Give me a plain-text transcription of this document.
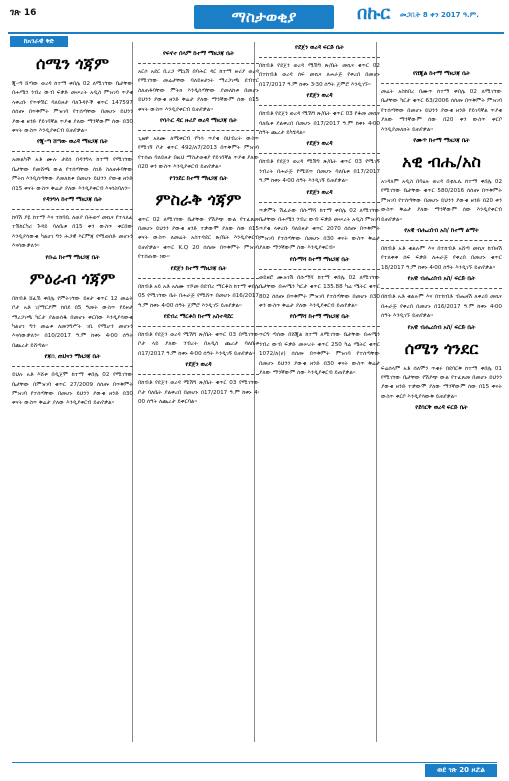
ገጽ 16	ማስታወቂያ	በኩር መጋቢት 8 ቀን 2017 ዓ.ም.
ከአገራዊ ቅድ
ሰሜን ጎጃም

ጂ-ጣ ሸጣው ወረዳ ከተማ ቀበሌ 02 ለሚገኘው ቤታቸው በሐሜን ንብረ ውብ ፍቃድ መሠረት አዲስ ምዝገባ ጥያቄ ላቀረቡ የጥዋሽር ባለይዞታ ባለጉዳዮች ቁጥር 147597 ሰሰጡ በጥቅምት ምዝገባ የተሰጣቸው በመሆኑ ይህንን ያውቁ ዘንድ የይገባኛል ጥያቄ ያለው ማንኛውም ሰው በ30 ቀናት ውስጥ እንዲያቀርብ ይጠየቃል።

የጂ-ጣ ሸጣው ወረዳ ማዘጋጃ ቤት

አመልካች አቶ ሙሉ ታደሰ በዳንግላ ከተማ የሚገኘው ቤታቸው የመሸጫ ውል የተሰጣቸው ሰነድ ስለጠፋባቸው ምትክ እንዲሰጣቸው ያመለከቱ በመሆኑ ይህንን ያውቁ ዘንድ በ15 ቀናት ውስጥ ቅሬታ ያለው እንዲያቀርብ እናሳስባለን።

የዳንግላ ከተማ ማዘጋጃ ቤት

ከባሽ ያዬ ከተማ እና ተከባቢ ለወያ በሕወሃ መኪና የተላለፈ ተሽከርካሪ ጉዳይ ባለቤቱ በ15 ቀን ውስጥ ቀርበው እንዲያሳውቁ ካልሆነ ግን ሕጋዊ እርምጃ የሚወሰድ መሆኑን እናሳውቃለን።

የቡሬ ከተማ ማዘጋጃ ቤት
ምዕራብ ጎጃም

በከብቶ ሸፈሽ ቀበሌ የምትገኘው ይዞታ ቁጥር 12 መሬት ቦታ አቶ ገ/ማርያም ከበደ በ5 ዓመት ውስጥ የይዞታ ማረጋገጫ ካርታ ያልወሰዱ በመሆኑ ቀርበው እንዲያሳውቁ ካልሆነ ግን መሬቱ ለመንግሥት ገቢ የሚሆን መሆኑን እናሳውቃለን። በ10/2017 ዓ.ም ከቀኑ 4፡00 ሰዓት በጨረታ ይሸጣል።

የጃቢ ጠህናን ማዘጋጃ ቤት

ይህሉ አቶ እሸቱ በዲጀሞ ከተማ ቀበሌ 02 የሚገኘው ቤታቸው በምዝገባ ቁጥር 27/2009 ሰሰጡ በጥቅምት ምዝገባ የተሰጣቸው በመሆኑ ይህንን ያውቁ ዘንድ በ30 ቀናት ውስጥ ቅሬታ ያለው እንዲያቀርብ ይጠየቃል።

የፍኖተ ሰላም ከተማ ማዘጋጃ ቤት

አርሶ አደር ቢረጋ ሚኒሽ በባሕር ዳር ከተማ ዙሪያ ወረዳ የሚገኘው መሬታቸው ባለይዞታነት ማረጋገጫ ደብተር ስለጠፋባቸው ምትክ እንዲሰጣቸው ያመለከቱ በመሆኑ ይህንን ያውቁ ዘንድ ቅሬታ ያለው ማንኛውም ሰው በ15 ቀናት ውስጥ እንዲያቀርብ ይጠየቃል።

የባሕር ዳር ዙሪያ ወረዳ ማዘጋጃ ቤት

ጊዜዋ አለሙ ለሚቀርብ የካሳ ጥያቄ በህብረት ውስጥ የሚገኝ ቦታ ቁጥር 492/ለ7/2013 በጥቅምት ምዝገባ የተሰጠ ባለይዞታ በዚህ ማስታወቂያ የይገባኛል ጥያቄ ያለው በ20 ቀን ውስጥ እንዲያቀርብ ይጠየቃል።

የጎንደር ከተማ ማዘጋጃ ቤት
ምስራቅ ጎጃም

ቁጥር 02 ለሚገኘው ቤታቸው የሽያጭ ውል የተፈጸመ በመሆኑ ይህንን ያውቁ ዘንድ ተቃውሞ ያለው ሰው በ15 ቀናት ውስጥ ለመሬት አስተዳደር ጽ/ቤት እንዲያቀርብ ይጠየቃል። ቁጥር K.Q 20 ሰሰጡ በጥቅምት ምዝገባ የተሰጠው ነው።

የደጀን ከተማ ማዘጋጃ ቤት

በከብቶ አይ አቶ አለሙ ተሾመ በደብረ ማርቆስ ከተማ ቀበሌ 05 የሚገኘው ቤት በሐራጅ የሚሸጥ በመሆኑ በ16/2017 ዓ.ም ከቀኑ 4፡00 ሰዓት ጀምሮ እንዲገኙ ይጠየቃል።

የደብረ ማርቆስ ከተማ አስተዳደር

በከብቶ የደጀን ወረዳ ሚሽግ ጽ/ቤት ቁጥር 03 በሚገኘው ቦታ ላይ ያለው ንብረት በአዲስ ጨረታ ባለቤቱ በ17/2017 ዓ.ም ከቀኑ 4፡00 ሰዓት እንዲገኝ ይጠየቃል።

የደጀን ወረዳ

በከብቶ የደጀን ወረዳ ሚሽግ ጽ/ቤት ቁጥር 03 የሚገኘው ቦታ ባለቤት ያልቀረበ በመሆኑ በ17/2017 ዓ.ም ከቀኑ 4፡00 ሰዓት ለጨረታ ይቀርባል።

የደጀን ወረዳ ፍርድ ቤት

በከብቶ የደጀን ወረዳ ሚሽግ ጽ/ቤት መኪና ቁጥር 02 በተከብቶ ወረዳ ሰፍ መኪና ለሐራጅ የቀረበ በመሆኑ በ17/2017 ዓ.ም ከቀኑ 3፡30 ሰዓት ጀምሮ እንዲገኙ።

የደጀን ወረዳ

በከብቶ የደጀን ወረዳ ሚሽግ ጽ/ቤት ቁጥር 03 የቆመ መኪና ባለቤቱ ያልቀረበ በመሆኑ በ17/2017 ዓ.ም ከቀኑ 4፡00 ሰዓት ጨረታ ይካሄዳል።

የደጀን ወረዳ

በከብቶ የደጀን ወረዳ ሚሽግ ጽ/ቤት ቁጥር 03 የሚገኝ ንብረት በሐራጅ የሚሸጥ በመሆኑ ባለቤቱ በ17/2017 ዓ.ም ከቀኑ 4፡00 ሰዓት እንዲገኝ ይጠየቃል።

የደጀን ወረዳ

ጥቃምት ሽፈራው በሱማሻ ከተማ ቀበሌ 02 ለሚገኘው ቤታቸው በሐሜን ንብረ ውብ ፍቃድ መሠረት አዲስ ምዝገባ ጥያቄ ላቀረቡ ባለይዞታ ቁጥር 2070 ሰሰጡ በጥቅምት ምዝገባ የተሰጣቸው በመሆኑ በ30 ቀናት ውስጥ ቅሬታ ያለው ማንኛውም ሰው እንዲያቀርብ።

የሱማሻ ከተማ ማዘጋጃ ቤት

ወይዘሮ ሙሉነሽ በሱማሻ ከተማ ቀበሌ 02 ለሚገኘው ቤታቸው በሐሜን ካርታ ቁጥር 135.88 ካሬ ሜትር ቁጥር 802 ሰሰጡ በጥቅምት ምዝገባ የተሰጣቸው በመሆኑ በ30 ቀን ውስጥ ቅሬታ ያለው እንዲያቀርብ ይጠየቃል።

የሱማሻ ከተማ ማዘጋጃ ቤት

ጥርግ ጣሰው በሸጂል ከተማ ለሚገኘው ቤታቸው በሐሜን ንብረ ውብ ፍቃድ መሠረት ቁጥር 250 ካሬ ሜትር ቁጥር 1072/ለ(ሀ) ሰሰጡ በጥቅምት ምዝገባ የተሰጣቸው በመሆኑ ይህንን ያውቁ ዘንድ በ30 ቀናት ውስጥ ቅሬታ ያለው ማንኛውም ሰው እንዲያቀርብ ይጠየቃል።

የሸጂል ከተማ ማዘጋጃ ቤት

መሬት አስከበረ በሙጥ ከተማ ቀበሌ 02 ለሚገኘው ቤታቸው ካርታ ቁጥር 63/2006 ሰሰጡ በጥቅምት ምዝገባ የተሰጣቸው በመሆኑ ይህንን ያውቁ ዘንድ የይገባኛል ጥያቄ ያለው ማንኛውም ሰው በ20 ቀን ውስጥ ቀርቦ እንዲያመለክት ይጠየቃል።

የሙጥ ከተማ ማዘጋጃ ቤት
አዊ ብሔ/አስ

አገዳለም አዲስ በባዕሉ ወረዳ በቲሊሊ ከተማ ቀበሌ 02 የሚገኘው ቤታቸው ቁጥር 580/2016 ሰሰጡ በጥቅምት ምዝገባ የተሰጣቸው በመሆኑ ይህንን ያውቁ ዘንድ በ20 ቀን ውስጥ ቅሬታ ያለው ማንኛውም ሰው እንዲያቀርብ ይጠየቃል።

የአዊ ብሔረሰብ አስ/ ከተማ ልማት

በከብቶ አቶ ቁልሉም እና በተከብቶ አሸጣ መኪና ከብዛሽ የተለቀቀ ሰፍ ፍቃድ ለሐራጅ የቀረበ በመሆኑ ቁጥር 18/2017 ዓ.ም ከቀኑ 4፡00 ሰዓት እንዲገኙ ይጠየቃል።

የአዊ ብሔረሰብ አስ/ ፍርድ ቤት

በከብቶ አቶ ቁልሉም እና በተከብቶ ብሔዘሽ ለቀረበ መኪና በሐራጅ የቀረበ በመሆኑ በ16/2017 ዓ.ም ከቀኑ 4፡00 ሰዓት እንዲገኙ ይጠየቃል።

የአዊ ብሔረሰብ አስ/ ፍርድ ቤት
ሰሜን ጎንደር

ፍሬሰላም አቶ ሰለሞን ጥቁሩ በደባርቅ ከተማ ቀበሌ 01 የሚገኘው ቤታቸው የሽያጭ ውል የተፈጸመ በመሆኑ ይህንን ያውቁ ዘንድ ተቃውሞ ያለው ማንኛውም ሰው በ15 ቀናት ውስጥ ቀርቦ እንዲያሳውቅ ይጠየቃል።

የደባርቅ ወረዳ ፍርድ ቤት
ወደ ገጽ 20 ዞሯል
